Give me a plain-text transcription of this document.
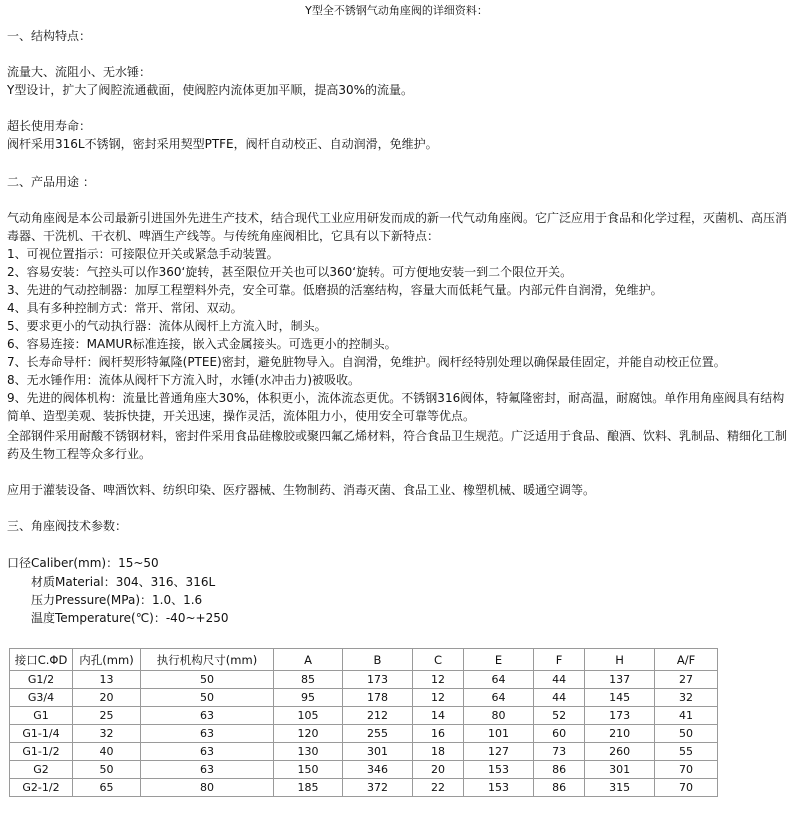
Y型全不锈钢气动角座阀的详细资料：
一、结构特点：
流量大、流阻小、无水锤：
Y型设计，扩大了阀腔流通截面，使阀腔内流体更加平顺，提高30%的流量。
超长使用寿命：
阀杆采用316L不锈钢，密封采用契型PTFE，阀杆自动校正、自动润滑，免维护。
二、产品用途 ：
气动角座阀是本公司最新引进国外先进生产技术，结合现代工业应用研发而成的新一代气动角座阀。它广泛应用于食品和化学过程，灭菌机、高压消毒器、干洗机、干衣机、啤酒生产线等。与传统角座阀相比，它具有以下新特点：
1、可视位置指示：可接限位开关或紧急手动装置。
2、容易安装：气控头可以作360‘旋转，甚至限位开关也可以360‘旋转。可方便地安装一到二个限位开关。
3、先进的气动控制器：加厚工程塑料外壳，安全可靠。低磨损的活塞结构，容量大而低耗气量。内部元件自润滑，免维护。
4、具有多种控制方式：常开、常闭、双动。
5、要求更小的气动执行器：流体从阀杆上方流入时，制头。
6、容易连接：MAMUR标准连接，嵌入式金属接头。可选更小的控制头。
7、长寿命导杆：阀杆契形特氟隆(PTEE)密封，避免脏物导入。自润滑，免维护。阀杆经特别处理以确保最佳固定，并能自动校正位置。
8、无水锤作用：流体从阀杆下方流入时，水锤(水冲击力)被吸收。
9、先进的阀体机构：流量比普通角座大30%，体积更小，流体流态更优。不锈钢316阀体，特氟隆密封，耐高温，耐腐蚀。单作用角座阀具有结构简单、造型美观、装拆快捷，开关迅速，操作灵活，流体阻力小，使用安全可靠等优点。
全部钢件采用耐酸不锈钢材料，密封件采用食品硅橡胶或聚四氟乙烯材料，符合食品卫生规范。广泛适用于食品、酿酒、饮料、乳制品、精细化工制药及生物工程等众多行业。
应用于灌装设备、啤酒饮料、纺织印染、医疗器械、生物制药、消毒灭菌、食品工业、橡塑机械、暖通空调等。
三、角座阀技术参数：
口径Caliber(mm)：15~50
材质Material：304、316、316L
压力Pressure(MPa)：1.0、1.6
温度Temperature(℃)：-40~+250
接口C.ΦD	内孔(mm)	执行机构尺寸(mm)	A	B	C	E	F	H	A/F
G1/2	13	50	85	173	12	64	44	137	27
G3/4	20	50	95	178	12	64	44	145	32
G1	25	63	105	212	14	80	52	173	41
G1-1/4	32	63	120	255	16	101	60	210	50
G1-1/2	40	63	130	301	18	127	73	260	55
G2	50	63	150	346	20	153	86	301	70
G2-1/2	65	80	185	372	22	153	86	315	70
